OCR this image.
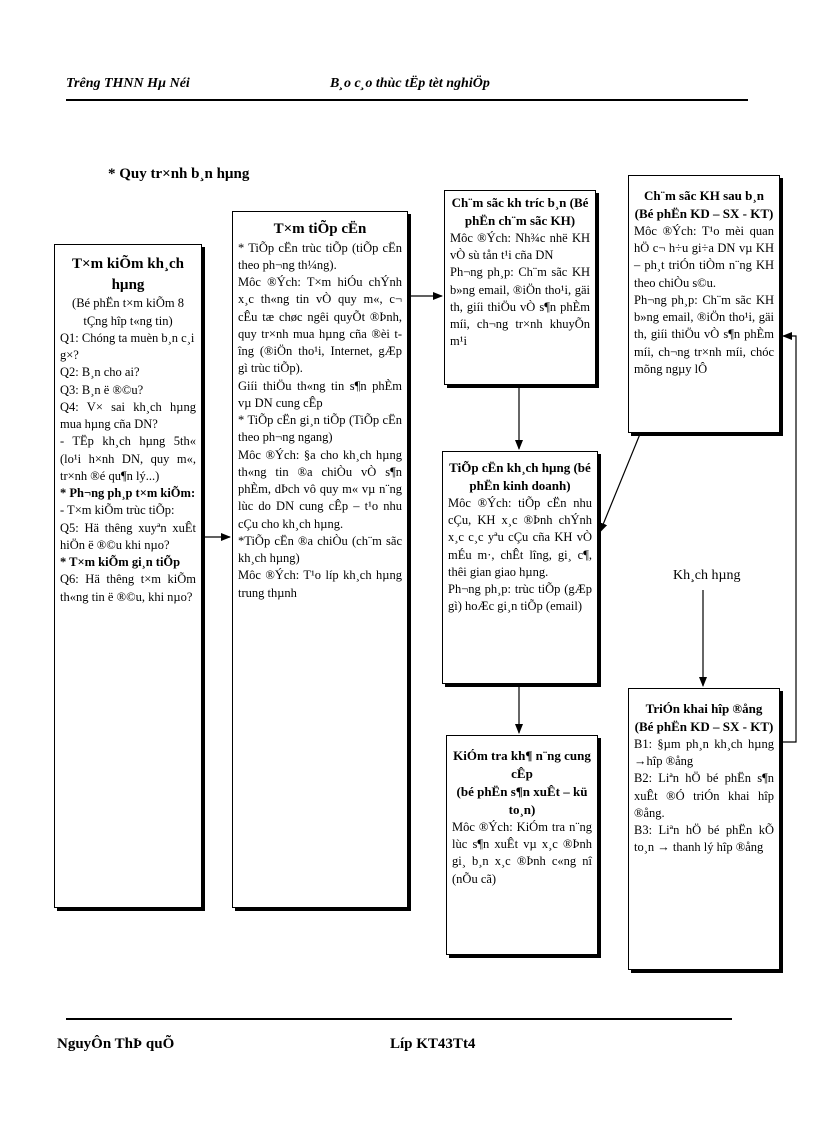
Trêng THNN Hµ Néi	B¸o c¸o thùc tËp tèt nghiÖp
* Quy tr×nh b¸n hµng

T×m kiÕm kh¸ch hµng

(Bé phËn t×m kiÕm 8 tÇng hîp t«ng tin)

Q1: Chóng ta muèn b¸n c¸i g×?

Q2: B¸n cho ai?

Q3: B¸n ë ®©u?

Q4: V× sai kh¸ch hµng mua hµng cña DN?

- TËp kh¸ch hµng 5th« (lo¹i h×nh DN, quy m«, tr×nh ®é qu¶n lý...)

* Ph¬ng ph¸p t×m kiÕm:

- T×m kiÕm trùc tiÕp:

Q5: Hä thêng xuyªn xuÊt hiÖn ë ®©u khi nµo?

* T×m kiÕm gi¸n tiÕp

Q6: Hä thêng t×m kiÕm th«ng tin ë ®©u, khi nµo?

T×m tiÕp cËn

* TiÕp cËn trùc tiÕp (tiÕp cËn theo ph¬ng th¼ng).

Môc ®Ých: T×m hiÓu chÝnh x¸c th«ng tin vÒ quy m«, c¬ cÊu tæ chøc ngêi quyÕt ®Þnh, quy tr×nh mua hµng cña ®èi tîng (®iÖn tho¹i, Internet, gÆp gì trùc tiÕp).

Giíi thiÖu th«ng tin s¶n phÈm vµ DN cung cÊp

* TiÕp cËn gi¸n tiÕp (TiÕp cËn theo ph¬ng ngang)

Môc ®Ých: §a cho kh¸ch hµng th«ng tin ®a chiÒu vÒ s¶n phÈm, dÞch vô quy m« vµ n¨ng lùc do DN cung cÊp – t¹o nhu cÇu cho kh¸ch hµng.

*TiÕp cËn ®a chiÒu (ch¨m sãc kh¸ch hµng)

Môc ®Ých: T¹o líp kh¸ch hµng trung thµnh

Ch¨m sãc kh tríc b¸n (Bé phËn ch¨m sãc KH)

Môc ®Ých: Nh¾c nhë KH vÒ sù tån t¹i cña DN

Ph¬ng ph¸p: Ch¨m sãc KH b»ng email, ®iÖn tho¹i, gäi th, giíi thiÖu vÒ s¶n phÈm míi, ch¬ng tr×nh khuyÕn m¹i

TiÕp cËn kh¸ch hµng (bé phËn kinh doanh)

Môc ®Ých: tiÕp cËn nhu cÇu, KH x¸c ®Þnh chÝnh x¸c c¸c yªu cÇu cña KH vÒ mÉu m·, chÊt lîng, gi¸ c¶, thêi gian giao hµng.

Ph¬ng ph¸p: trùc tiÕp (gÆp gì) hoÆc gi¸n tiÕp (email)

KiÓm tra kh¶ n¨ng cung cÊp

(bé phËn s¶n xuÊt – kü to¸n)

Môc ®Ých: KiÓm tra n¨ng lùc s¶n xuÊt vµ x¸c ®Þnh gi¸ b¸n x¸c ®Þnh c«ng nî (nÕu cã)

Ch¨m sãc KH sau b¸n

(Bé phËn KD – SX - KT)

Môc ®Ých: T¹o mèi quan hÖ c¬ h÷u gi÷a DN vµ KH – ph¸t triÓn tiÒm n¨ng KH theo chiÒu s©u.

Ph¬ng ph¸p: Ch¨m sãc KH b»ng email, ®iÖn tho¹i, gäi th, giíi thiÖu vÒ s¶n phÈm míi, ch¬ng tr×nh míi, chóc mõng ngµy lÔ

Kh¸ch hµng

TriÓn khai hîp ®ång

(Bé phËn KD – SX - KT)

B1: §µm ph¸n kh¸ch hµng →hîp ®ång

B2: Liªn hÖ bé phËn s¶n xuÊt ®Ó triÓn khai hîp ®ång.

B3: Liªn hÖ bé phËn kÕ to¸n → thanh lý hîp ®ång

NguyÔn ThÞ quÕ	Líp KT43Tt4
